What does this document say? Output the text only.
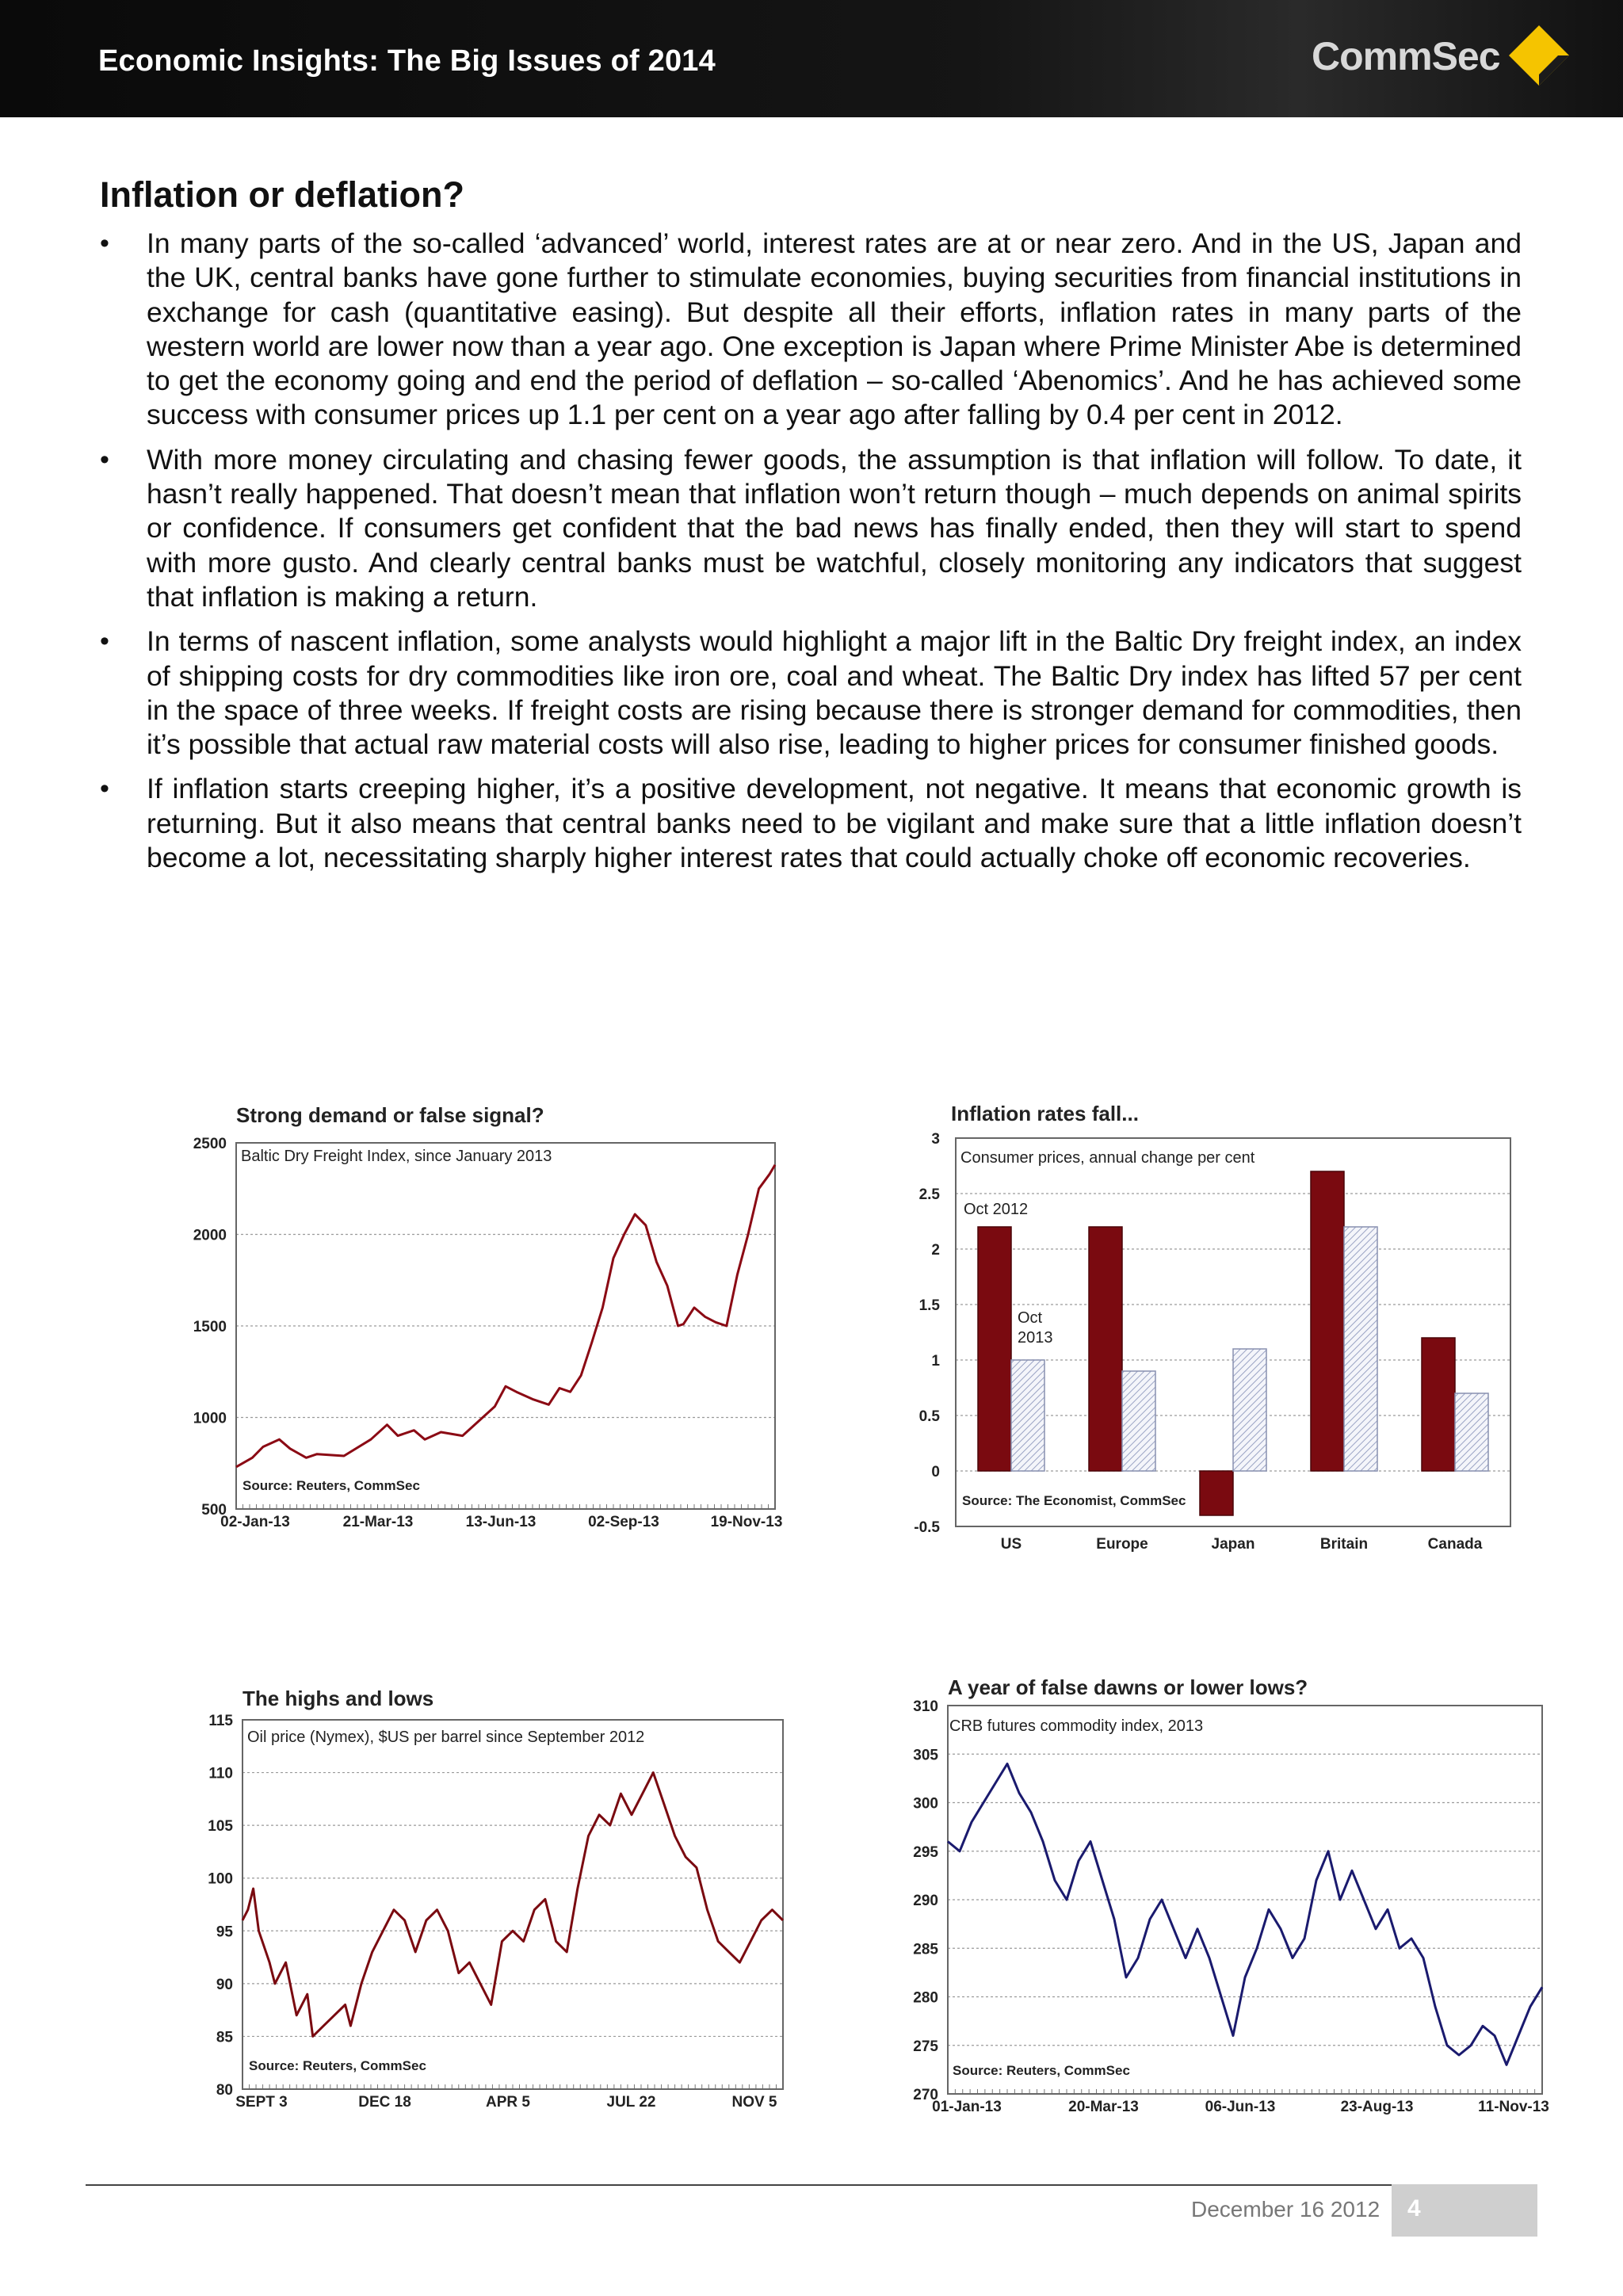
Economic Insights: The Big Issues of 2014	CommSec
Inflation or deflation?
• In many parts of the so-called ‘advanced’ world, interest rates are at or near zero. And in the US, Japan and the UK, central banks have gone further to stimulate economies, buying securities from financial institutions in exchange for cash (quantitative easing). But despite all their efforts, inflation rates in many parts of the western world are lower now than a year ago. One exception is Japan where Prime Minister Abe is determined to get the economy going and end the period of deflation – so-called ‘Abenomics’. And he has achieved some success with consumer prices up 1.1 per cent on a year ago after falling by 0.4 per cent in 2012.
• With more money circulating and chasing fewer goods, the assumption is that inflation will follow. To date, it hasn’t really happened. That doesn’t mean that inflation won’t return though – much depends on animal spirits or confidence. If consumers get confident that the bad news has finally ended, then they will start to spend with more gusto. And clearly central banks must be watchful, closely monitoring any indicators that suggest that inflation is making a return.
• In terms of nascent inflation, some analysts would highlight a major lift in the Baltic Dry freight index, an index of shipping costs for dry commodities like iron ore, coal and wheat. The Baltic Dry index has lifted 57 per cent in the space of three weeks. If freight costs are rising because there is stronger demand for commodities, then it’s possible that actual raw material costs will also rise, leading to higher prices for consumer finished goods.
• If inflation starts creeping higher, it’s a positive development, not negative. It means that economic growth is returning. But it also means that central banks need to be vigilant and make sure that a little inflation doesn’t become a lot, necessitating sharply higher interest rates that could actually choke off economic recoveries.
Strong demand or false signal?
Baltic Dry Freight Index, since January 2013
Source: Reuters, CommSec
2500
2000
1500
1000
500
02-Jan-13	21-Mar-13	13-Jun-13	02-Sep-13	19-Nov-13
Inflation rates fall...
Consumer prices, annual change per cent
Source: The Economist, CommSec
Oct 2012
Oct
2013
3
2.5
2
1.5
1
0.5
0
-0.5
US	Europe	Japan	Britain	Canada
The highs and lows
Oil price (Nymex), $US per barrel since September 2012
Source: Reuters, CommSec
115
110
105
100
95
90
85
80
SEPT 3	DEC 18	APR 5	JUL 22	NOV 5
A year of false dawns or lower lows?
CRB futures commodity index, 2013
Source: Reuters, CommSec
310
305
300
295
290
285
280
275
270
01-Jan-13	20-Mar-13	06-Jun-13	23-Aug-13	11-Nov-13
December 16 2012	4
